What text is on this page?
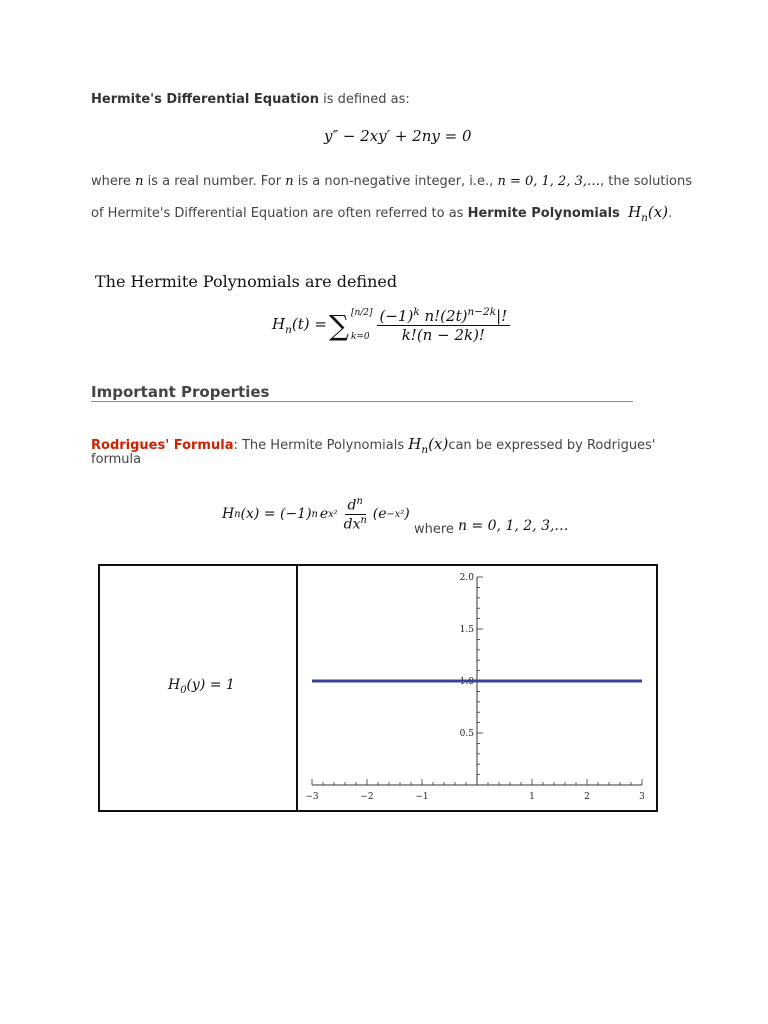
Hermite's Differential Equation is defined as:
y″ − 2xy′ + 2ny = 0
where n is a real number. For n is a non-negative integer, i.e., n = 0, 1, 2, 3,…, the solutions
of Hermite's Differential Equation are often referred to as Hermite Polynomials $H_n(x)$.
The Hermite Polynomials are defined
$H_n(t)$ = ∑ [n/2]
$k=0 \frac{(-1)^k n!(2t)^{n-2k}|!}{k!(n - 2k)!}$
Important Properties
Rodrigues' Formula: The Hermite Polynomials $H_n(x)can$ be expressed by Rodrigues'
formula
H n (x) = (−1) n e $x^2 \frac{d^n}{dx^n} (e -x^2$ )
where n = 0, 1, 2, 3,…
$H_0(y) = 1$
−3	−2	−1	1	2	3
0.5
1.0
1.5
2.0
